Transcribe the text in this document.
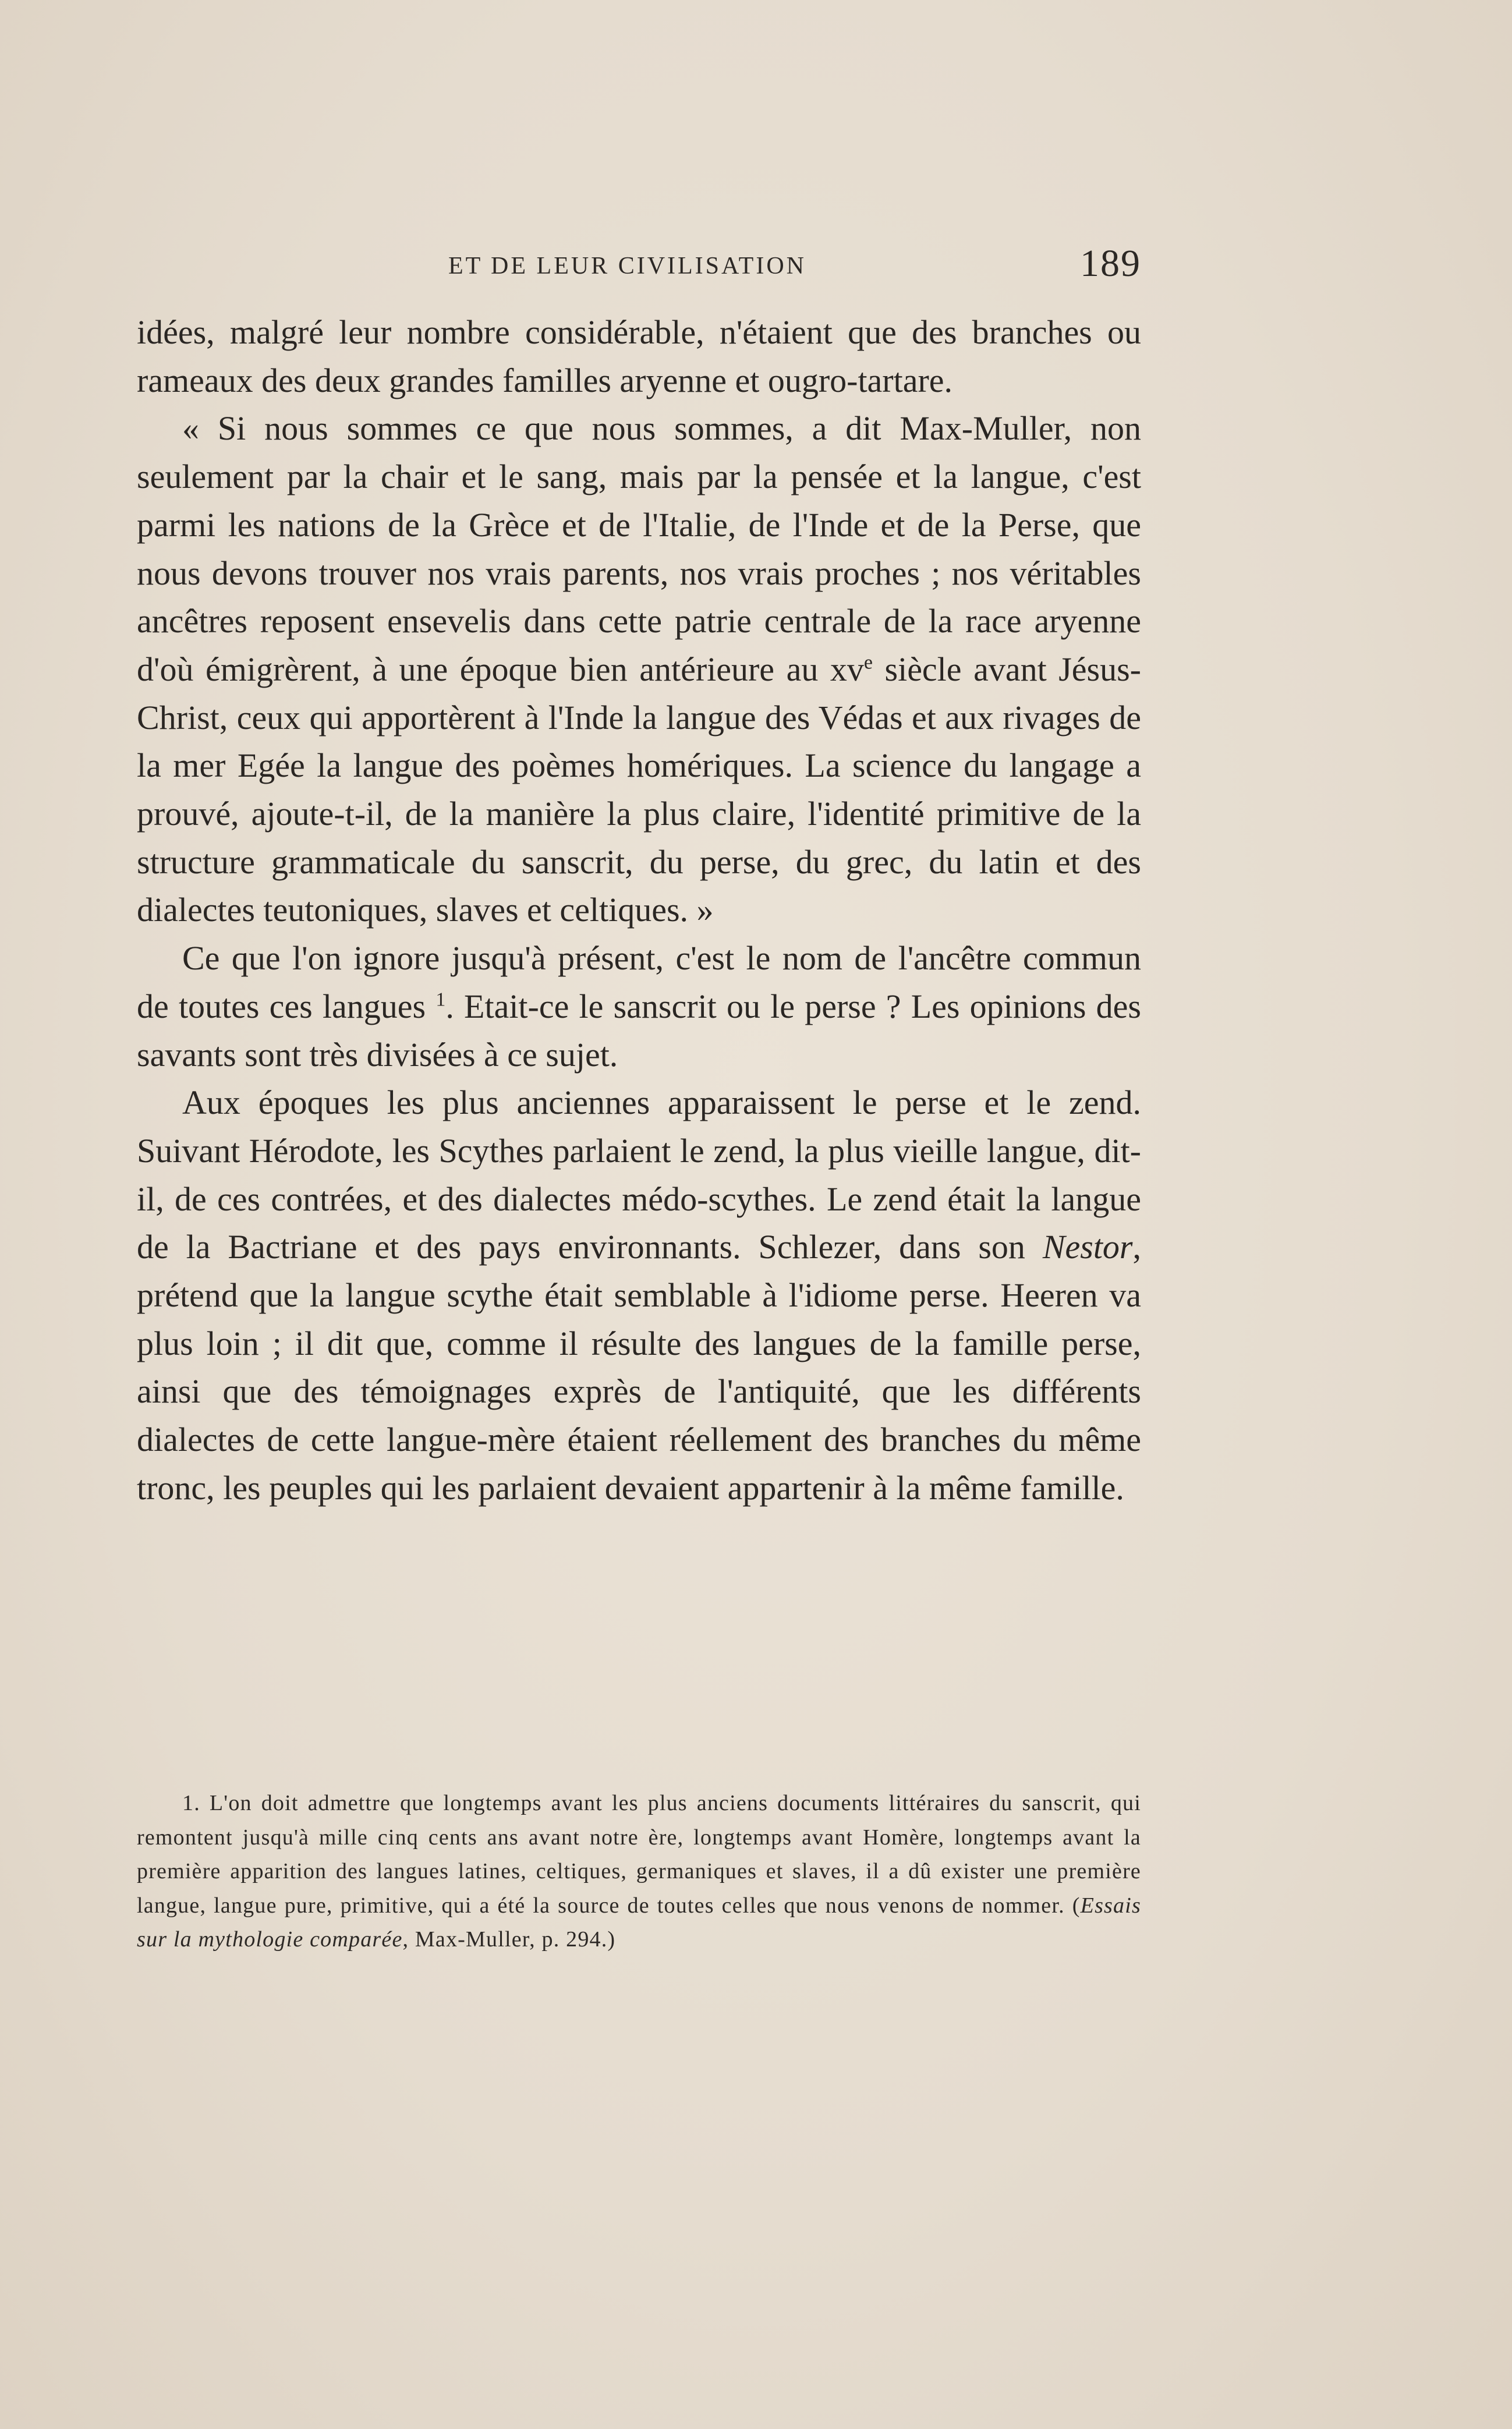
ET DE LEUR CIVILISATION	189

idées, malgré leur nombre considérable, n'étaient que des branches ou rameaux des deux grandes familles aryenne et ougro-tartare.

« Si nous sommes ce que nous sommes, a dit Max-Muller, non seulement par la chair et le sang, mais par la pensée et la langue, c'est parmi les nations de la Grèce et de l'Italie, de l'Inde et de la Perse, que nous devons trouver nos vrais parents, nos vrais proches ; nos véritables ancêtres reposent ensevelis dans cette patrie centrale de la race aryenne d'où émigrèrent, à une époque bien antérieure au $xv^e$ siècle avant Jésus-Christ, ceux qui apportèrent à l'Inde la langue des Védas et aux rivages de la mer Egée la langue des poèmes homériques. La science du langage a prouvé, ajoute-t-il, de la manière la plus claire, l'identité primitive de la structure grammaticale du sanscrit, du perse, du grec, du latin et des dialectes teutoniques, slaves et celtiques. »

Ce que l'on ignore jusqu'à présent, c'est le nom de l'ancêtre commun de toutes ces langues $^1$. Etait-ce le sanscrit ou le perse ? Les opinions des savants sont très divisées à ce sujet.

Aux époques les plus anciennes apparaissent le perse et le zend. Suivant Hérodote, les Scythes parlaient le zend, la plus vieille langue, dit-il, de ces contrées, et des dialectes médo-scythes. Le zend était la langue de la Bactriane et des pays environnants. Schlezer, dans son Nestor, prétend que la langue scythe était semblable à l'idiome perse. Heeren va plus loin ; il dit que, comme il résulte des langues de la famille perse, ainsi que des témoignages exprès de l'antiquité, que les différents dialectes de cette langue-mère étaient réellement des branches du même tronc, les peuples qui les parlaient devaient appartenir à la même famille.

1. L'on doit admettre que longtemps avant les plus anciens documents littéraires du sanscrit, qui remontent jusqu'à mille cinq cents ans avant notre ère, longtemps avant Homère, longtemps avant la première apparition des langues latines, celtiques, germaniques et slaves, il a dû exister une première langue, langue pure, primitive, qui a été la source de toutes celles que nous venons de nommer. (Essais sur la mythologie comparée, Max-Muller, p. 294.)
